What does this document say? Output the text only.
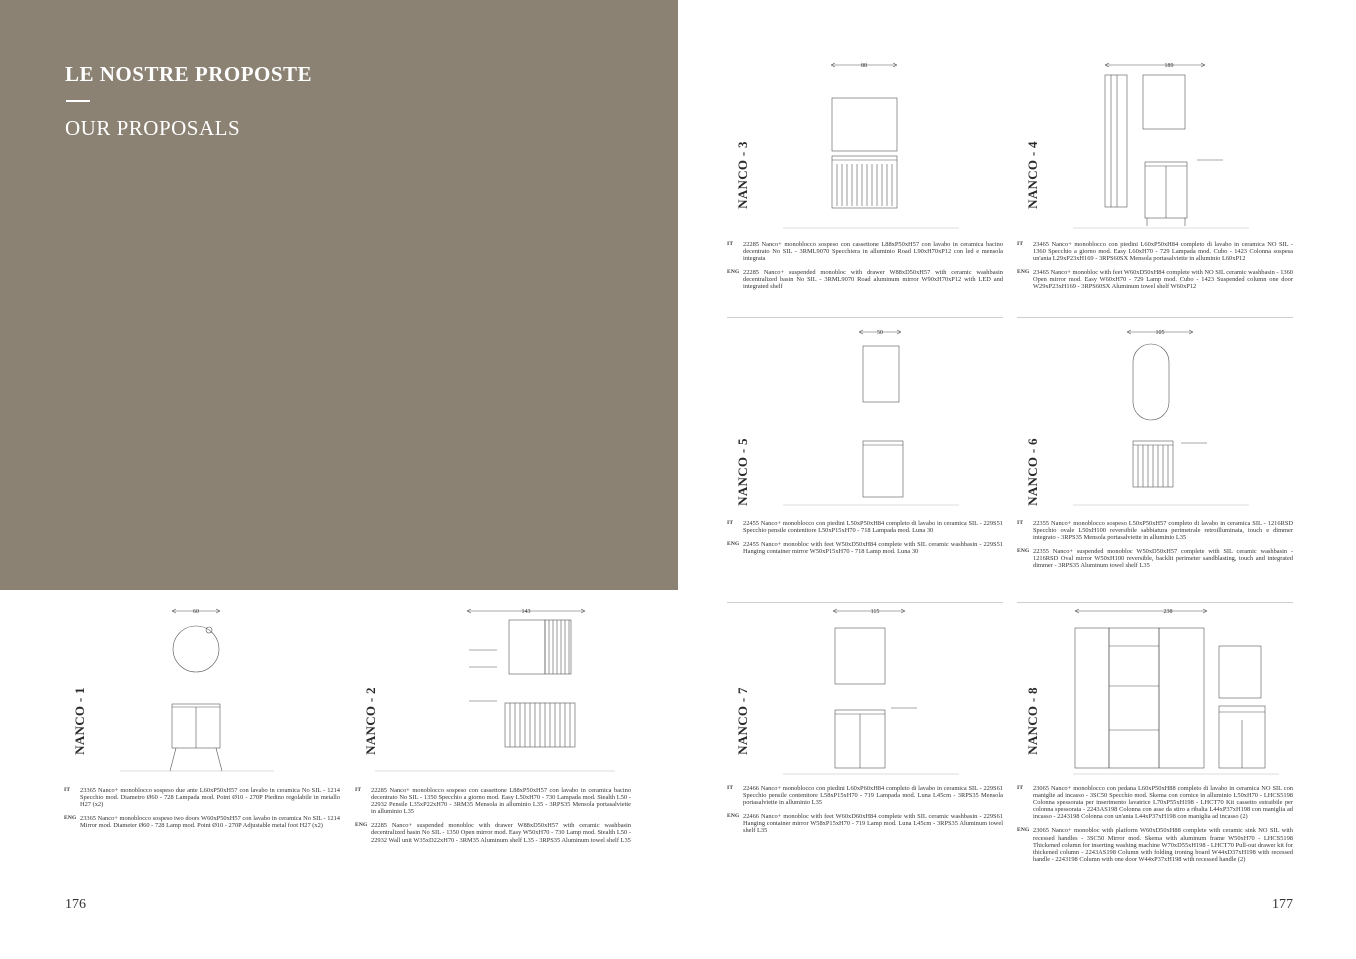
LE NOSTRE PROPOSTE
OUR PROPOSALS
176	177
60
NANCO - 1
IT	23365 Nanco+ monoblocco sospeso due ante L60xP50xH57 con lavabo in ceramica No SIL - 1214 Specchio mod. Diametro Ø60 - 728 Lampada mod. Point Ø10 - 270P Piedino regolabile in metallo H27 (x2)
ENG 23365 Nanco+ monoblocco sospeso two doors W60xP50xH57 con lavabo in ceramica No SIL - 1214 Mirror mod. Diameter Ø60 - 728 Lamp mod. Point Ø10 - 270P Adjustable metal foot H27 (x2)
143
NANCO - 2
IT	22285 Nanco+ monoblocco sospeso con cassettone L88xP50xH57 con lavabo in ceramica bacino decentrato No SIL - 1350 Specchio a giorno mod. Easy L50xH70 - 730 Lampada mod. Stealth L50 - 22932 Pensile L35xP22xH70 - 3RM35 Mensola in alluminio L35 - 3RPS35 Mensola portasalviette in alluminio L35
ENG 22285 Nanco+ suspended monobloc with drawer W88xD50xH57 with ceramic washbasin decentralized basin No SIL - 1350 Open mirror mod. Easy W50xH70 - 730 Lamp mod. Stealth L50 - 22932 Wall unit W35xD22xH70 - 3RM35 Aluminum shelf L35 - 3RPS35 Aluminum towel shelf L35
88
NANCO - 3
IT	22285 Nanco+ monoblocco sospeso con cassettone L88xP50xH57 con lavabo in ceramica bacino decentrato No SIL - 3RML9070 Specchiera in alluminio Road L90xH70xP12 con led e mensola integrata
ENG 22285 Nanco+ suspended monobloc with drawer W88xD50xH57 with ceramic washbasin decentralized basin No SIL - 3RML9070 Road aluminum mirror W90xH70xP12 with LED and integrated shelf
189
NANCO - 4
IT	23465 Nanco+ monoblocco con piedini L60xP50xH84 completo di lavabo in ceramica NO SIL - 1360 Specchio a giorno mod. Easy L60xH70 - 729 Lampada mod. Cubo - 1423 Colonna sospesa un'anta L29xP23xH169 - 3RPS60SX Mensola portasalviette in alluminio L60xP12
ENG 23465 Nanco+ monobloc with feet W60xD50xH84 complete with NO SIL ceramic washbasin - 1360 Open mirror mod. Easy W60xH70 - 729 Lamp mod. Cubo - 1423 Suspended column one door W29xP23xH169 - 3RPS60SX Aluminum towel shelf W60xP12
50
NANCO - 5
IT	22455 Nanco+ monoblocco con piedini L50xP50xH84 completo di lavabo in ceramica SIL - 229S51 Specchio pensile contenitore L50xP15xH70 - 718 Lampada mod. Luna 30
ENG 22455 Nanco+ monobloc with feet W50xD50xH84 complete with SIL ceramic washbasin - 229S51 Hanging container mirror W50xP15xH70 - 718 Lamp mod. Luna 30
105
NANCO - 6
IT	22355 Nanco+ monoblocco sospeso L50xP50xH57 completo di lavabo in ceramica SIL - 1216RSD Specchio ovale L50xH100 reversibile sabbiatura perimetrale retroilluminata, touch e dimmer integrato - 3RPS35 Mensola portasalviette in alluminio L35
ENG 22355 Nanco+ suspended monobloc W50xD50xH57 complete with SIL ceramic washbasin - 1216RSD Oval mirror W50xH100 reversible, backlit perimeter sandblasting, touch and integrated dimmer - 3RPS35 Aluminum towel shelf L35
115
NANCO - 7
IT	22466 Nanco+ monoblocco con piedini L60xP60xH84 completo di lavabo in ceramica SIL - 229S61 Specchio pensile contenitore L58xP15xH70 - 719 Lampada mod. Luna L45cm - 3RPS35 Mensola portasalviette in alluminio L35
ENG 22466 Nanco+ monobloc with feet W60xD60xH84 complete with SIL ceramic washbasin - 229S61 Hanging container mirror W58xP15xH70 - 719 Lamp mod. Luna L45cm - 3RPS35 Aluminum towel shelf L35
238
NANCO - 8
IT	23065 Nanco+ monoblocco con pedana L60xP50xH88 completo di lavabo in ceramica NO SIL con maniglie ad incasso - 3SC50 Specchio mod. Skema con cornice in alluminio L50xH70 - LHCS5198 Colonna spessorata per inserimento lavatrice L70xP55xH198 - LHCT70 Kit cassetto estraibile per colonna spessorata - 2243AS198 Colonna con asse da stiro a ribalta L44xP37xH198 con maniglia ad incasso - 2243198 Colonna con un'anta L44xP37xH198 con maniglia ad incasso (2)
ENG 23065 Nanco+ monobloc with platform W60xD50xH88 complete with ceramic sink NO SIL with recessed handles - 3SC50 Mirror mod. Skema with aluminum frame W50xH70 - LHCS5198 Thickened column for inserting washing machine W70xD55xH198 - LHCT70 Pull-out drawer kit for thickened column - 2243AS198 Column with folding ironing board W44xD37xH198 with recessed handle - 2243198 Column with one door W44xP37xH198 with recessed handle (2)
